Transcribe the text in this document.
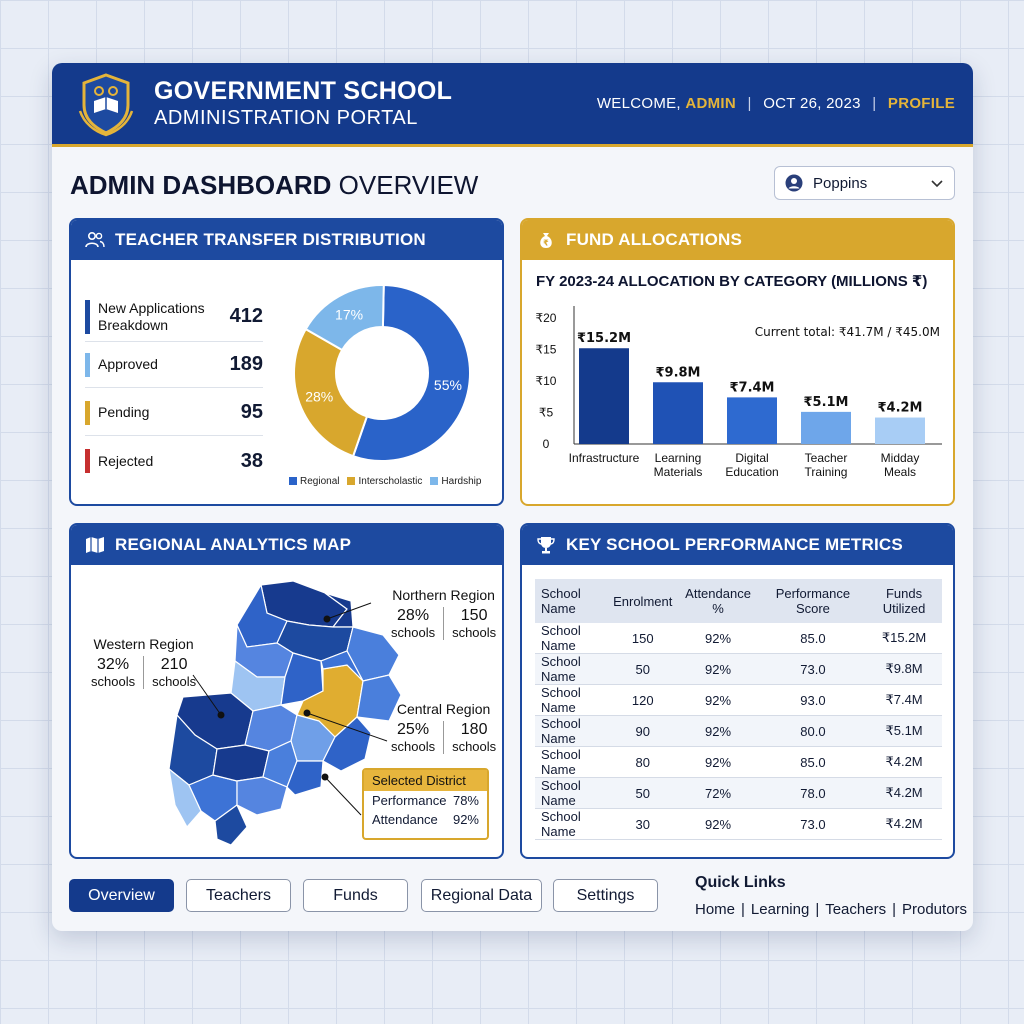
GOVERNMENT SCHOOL
ADMINISTRATION PORTAL
WELCOME, ADMIN | OCT 26, 2023 | PROFILE
ADMIN DASHBOARD OVERVIEW	Poppins
TEACHER TRANSFER DISTRIBUTION
New Applications Breakdown	412
Approved	189
Pending	95
Rejected	38
55%
28%
17%
Regional	Interscholastic	Hardship
₹ FUND ALLOCATIONS
FY 2023-24 ALLOCATION BY CATEGORY (MILLIONS ₹)
0
₹5
₹10
₹15
₹20
₹15.2M
Infrastructure
₹9.8M
Learning
Materials
₹7.4M
Digital
Education
₹5.1M
Teacher
Training
₹4.2M
Midday
Meals
Current total: ₹41.7M / ₹45.0M
REGIONAL ANALYTICS MAP
Northern Region
28%
schools
150
schools
Western Region
32%
schools
210
schools
Central Region
25%
schools
180
schools
Selected District
Performance 78%
Attendance 92%
KEY SCHOOL PERFORMANCE METRICS
School Name	Enrolment	Attendance %	Performance Score	Funds Utilized
School Name	150	92%	85.0	₹15.2M
School Name	50	92%	73.0	₹9.8M
School Name	120	92%	93.0	₹7.4M
School Name	90	92%	80.0	₹5.1M
School Name	80	92%	85.0	₹4.2M
School Name	50	72%	78.0	₹4.2M
School Name	30	92%	73.0	₹4.2M
Overview	Teachers	Funds	Regional Data	Settings
Quick Links
Home | Learning | Teachers | Produtors
